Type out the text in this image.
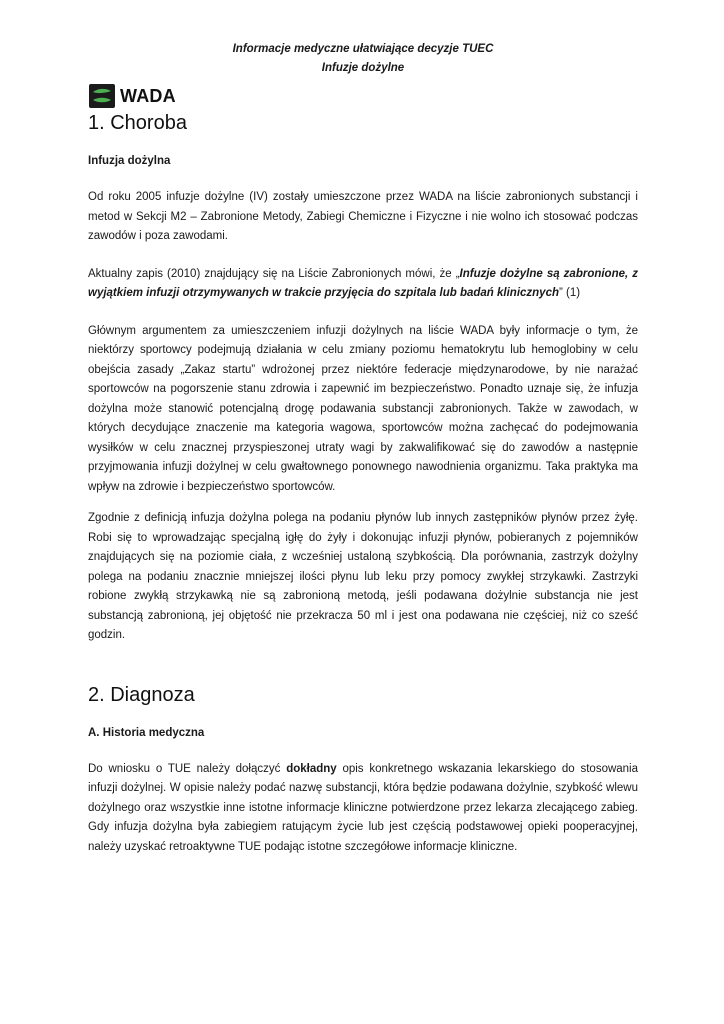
Informacje medyczne ułatwiające decyzje TUEC
Infuzje dożylne
WADA
1. Choroba
Infuzja dożylna

Od roku 2005 infuzje dożylne (IV) zostały umieszczone przez WADA na liście zabronionych substancji i metod w Sekcji M2 – Zabronione Metody, Zabiegi Chemiczne i Fizyczne i nie wolno ich stosować podczas zawodów i poza zawodami.

Aktualny zapis (2010) znajdujący się na Liście Zabronionych mówi, że „Infuzje dożylne są zabronione, z wyjątkiem infuzji otrzymywanych w trakcie przyjęcia do szpitala lub badań klinicznych” (1)

Głównym argumentem za umieszczeniem infuzji dożylnych na liście WADA były informacje o tym, że niektórzy sportowcy podejmują działania w celu zmiany poziomu hematokrytu lub hemoglobiny w celu obejścia zasady „Zakaz startu” wdrożonej przez niektóre federacje międzynarodowe, by nie narażać sportowców na pogorszenie stanu zdrowia i zapewnić im bezpieczeństwo. Ponadto uznaje się, że infuzja dożylna może stanowić potencjalną drogę podawania substancji zabronionych. Także w zawodach, w których decydujące znaczenie ma kategoria wagowa, sportowców można zachęcać do podejmowania wysiłków w celu znacznej przyspieszonej utraty wagi by zakwalifikować się do zawodów a następnie przyjmowania infuzji dożylnej w celu gwałtownego ponownego nawodnienia organizmu. Taka praktyka ma wpływ na zdrowie i bezpieczeństwo sportowców.

Zgodnie z definicją infuzja dożylna polega na podaniu płynów lub innych zastępników płynów przez żyłę. Robi się to wprowadzając specjalną igłę do żyły i dokonując infuzji płynów, pobieranych z pojemników znajdujących się na poziomie ciała, z wcześniej ustaloną szybkością. Dla porównania, zastrzyk dożylny polega na podaniu znacznie mniejszej ilości płynu lub leku przy pomocy zwykłej strzykawki. Zastrzyki robione zwykłą strzykawką nie są zabronioną metodą, jeśli podawana dożylnie substancja nie jest substancją zabronioną, jej objętość nie przekracza 50 ml i jest ona podawana nie częściej, niż co sześć godzin.

2. Diagnoza
A. Historia medyczna

Do wniosku o TUE należy dołączyć dokładny opis konkretnego wskazania lekarskiego do stosowania infuzji dożylnej. W opisie należy podać nazwę substancji, która będzie podawana dożylnie, szybkość wlewu dożylnego oraz wszystkie inne istotne informacje kliniczne potwierdzone przez lekarza zlecającego zabieg. Gdy infuzja dożylna była zabiegiem ratującym życie lub jest częścią podstawowej opieki pooperacyjnej, należy uzyskać retroaktywne TUE podając istotne szczegółowe informacje kliniczne.
